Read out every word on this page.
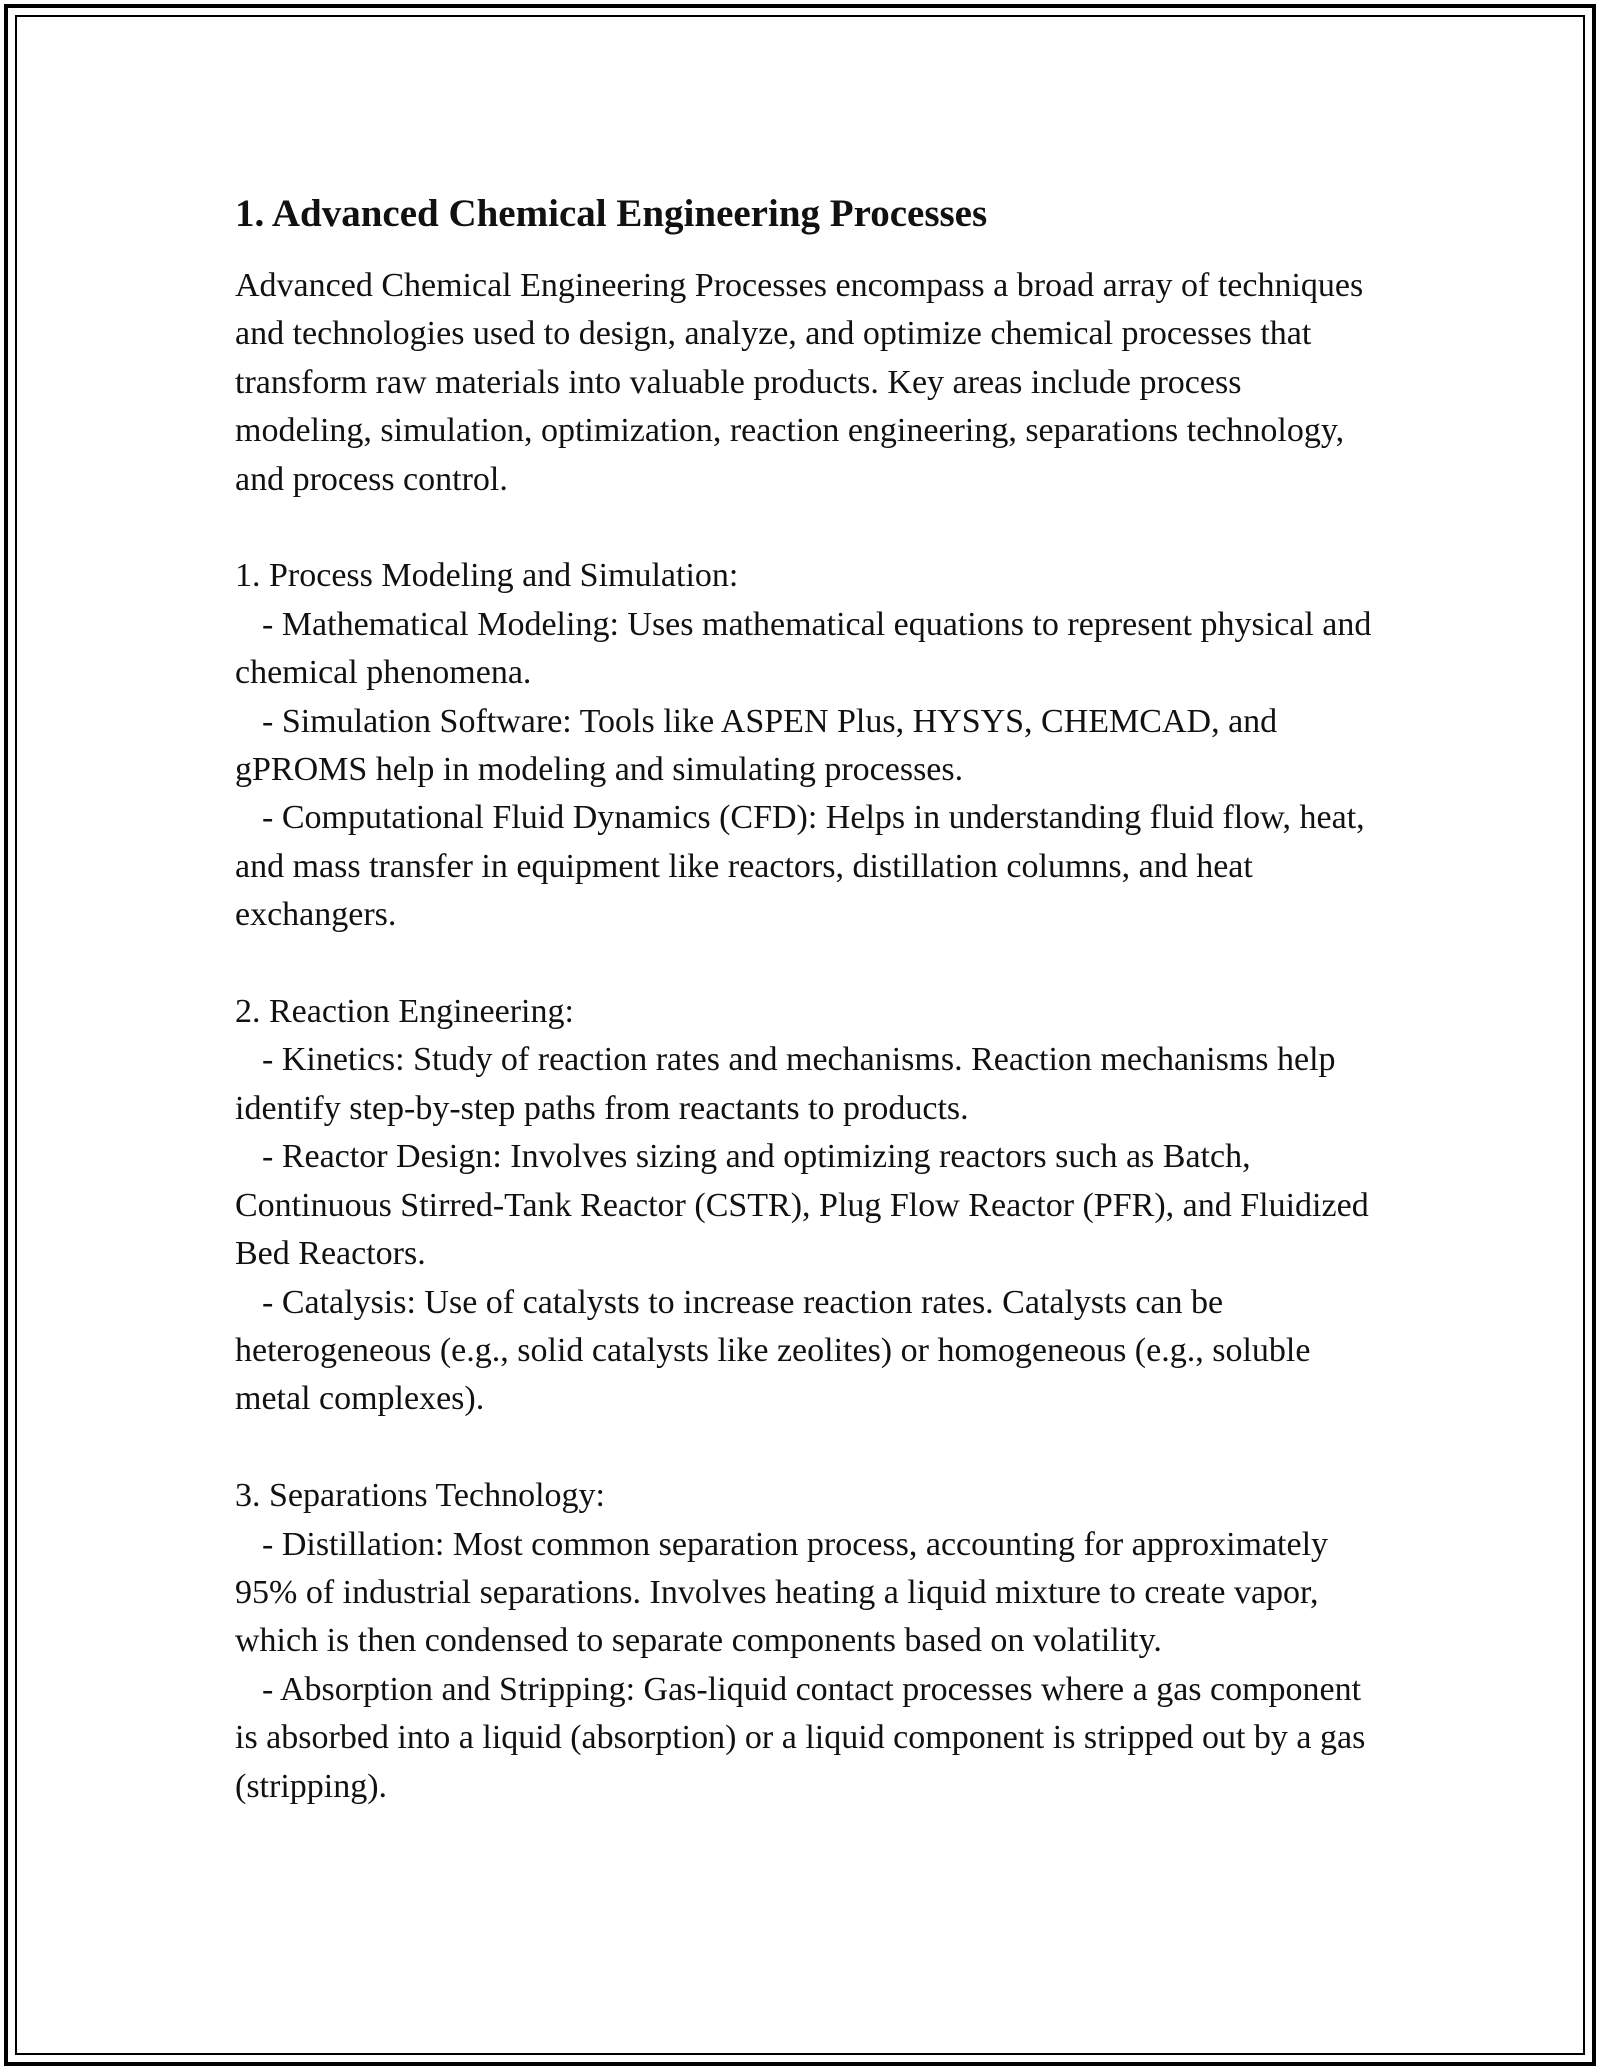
1. Advanced Chemical Engineering Processes

Advanced Chemical Engineering Processes encompass a broad array of techniques and technologies used to design, analyze, and optimize chemical processes that transform raw materials into valuable products. Key areas include process modeling, simulation, optimization, reaction engineering, separations technology, and process control.

1. Process Modeling and Simulation:

- Mathematical Modeling: Uses mathematical equations to represent physical and chemical phenomena.

- Simulation Software: Tools like ASPEN Plus, HYSYS, CHEMCAD, and gPROMS help in modeling and simulating processes.

- Computational Fluid Dynamics (CFD): Helps in understanding fluid flow, heat, and mass transfer in equipment like reactors, distillation columns, and heat exchangers.

2. Reaction Engineering:

- Kinetics: Study of reaction rates and mechanisms. Reaction mechanisms help identify step-by-step paths from reactants to products.

- Reactor Design: Involves sizing and optimizing reactors such as Batch, Continuous Stirred-Tank Reactor (CSTR), Plug Flow Reactor (PFR), and Fluidized Bed Reactors.

- Catalysis: Use of catalysts to increase reaction rates. Catalysts can be heterogeneous (e.g., solid catalysts like zeolites) or homogeneous (e.g., soluble metal complexes).

3. Separations Technology:

- Distillation: Most common separation process, accounting for approximately 95% of industrial separations. Involves heating a liquid mixture to create vapor, which is then condensed to separate components based on volatility.

- Absorption and Stripping: Gas-liquid contact processes where a gas component is absorbed into a liquid (absorption) or a liquid component is stripped out by a gas (stripping).
